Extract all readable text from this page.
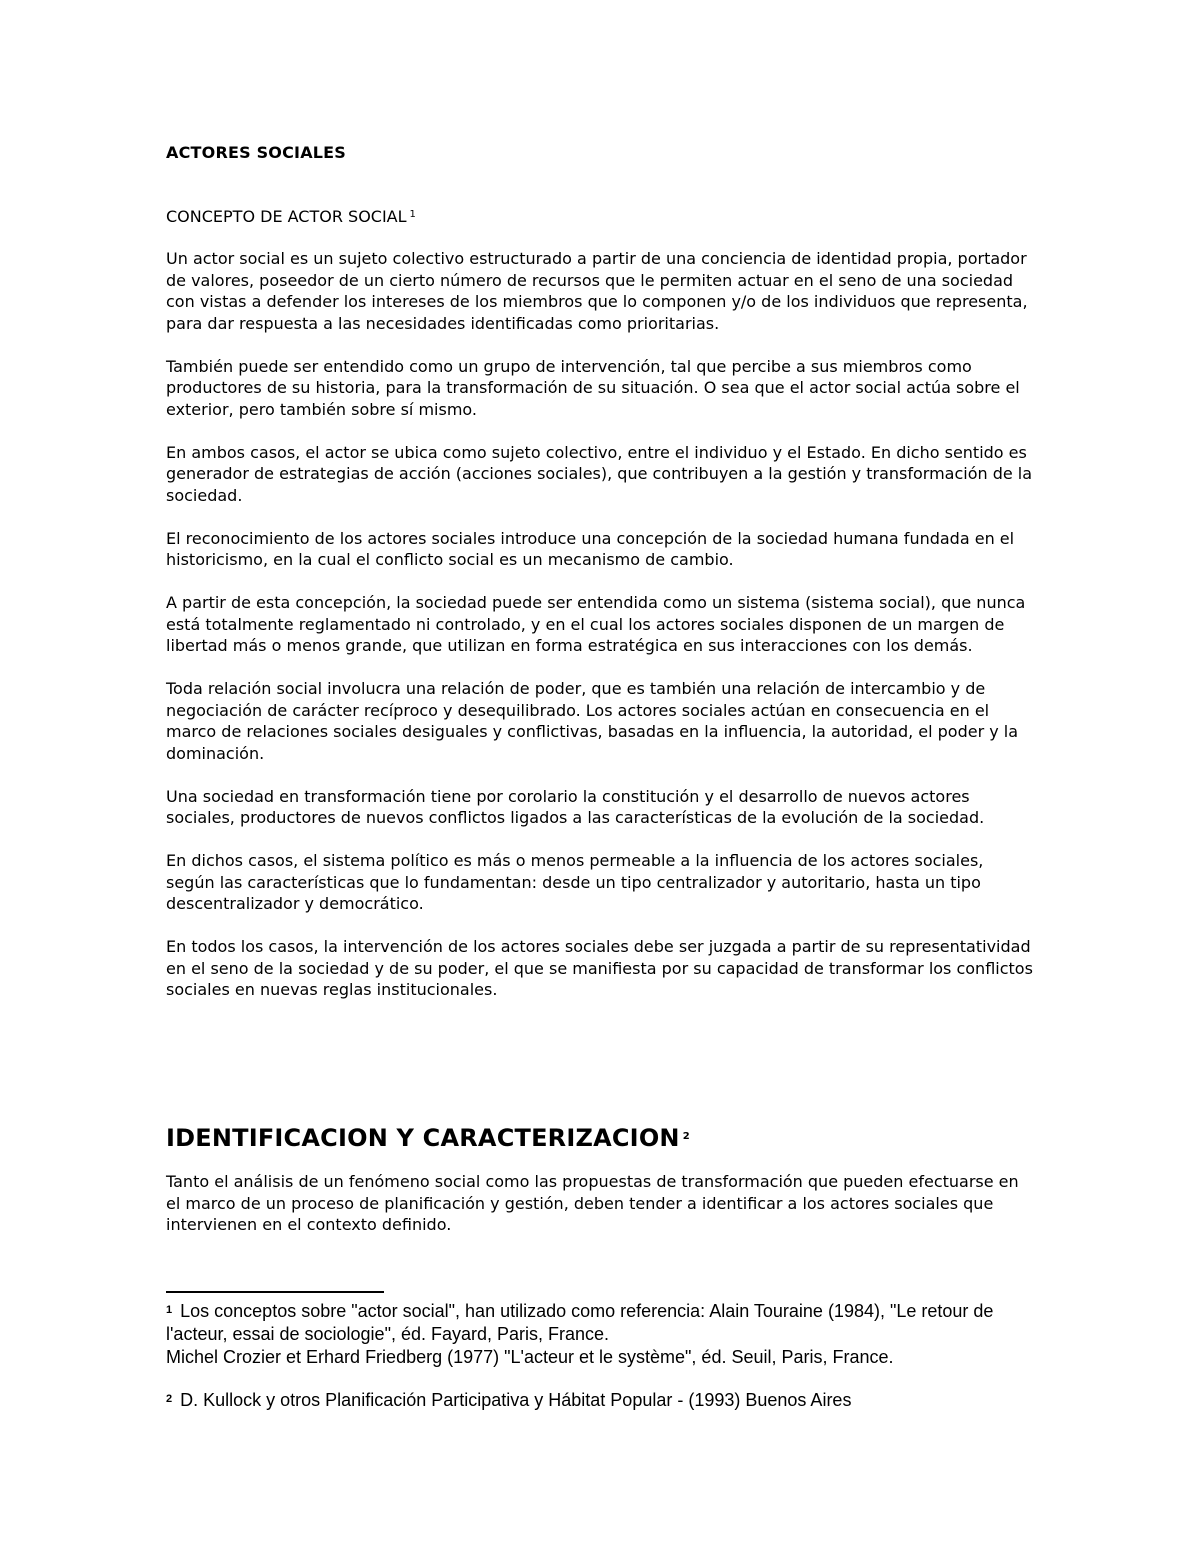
ACTORES SOCIALES

CONCEPTO DE ACTOR SOCIAL $^1$

Un actor social es un sujeto colectivo estructurado a partir de una conciencia de identidad propia, portador de valores, poseedor de un cierto número de recursos que le permiten actuar en el seno de una sociedad con vistas a defender los intereses de los miembros que lo componen y/o de los individuos que representa, para dar respuesta a las necesidades identificadas como prioritarias.

También puede ser entendido como un grupo de intervención, tal que percibe a sus miembros como productores de su historia, para la transformación de su situación. O sea que el actor social actúa sobre el exterior, pero también sobre sí mismo.

En ambos casos, el actor se ubica como sujeto colectivo, entre el individuo y el Estado. En dicho sentido es generador de estrategias de acción (acciones sociales), que contribuyen a la gestión y transformación de la sociedad.

El reconocimiento de los actores sociales introduce una concepción de la sociedad humana fundada en el historicismo, en la cual el conflicto social es un mecanismo de cambio.

A partir de esta concepción, la sociedad puede ser entendida como un sistema (sistema social), que nunca está totalmente reglamentado ni controlado, y en el cual los actores sociales disponen de un margen de libertad más o menos grande, que utilizan en forma estratégica en sus interacciones con los demás.

Toda relación social involucra una relación de poder, que es también una relación de intercambio y de negociación de carácter recíproco y desequilibrado. Los actores sociales actúan en consecuencia en el marco de relaciones sociales desiguales y conflictivas, basadas en la influencia, la autoridad, el poder y la dominación.

Una sociedad en transformación tiene por corolario la constitución y el desarrollo de nuevos actores sociales, productores de nuevos conflictos ligados a las características de la evolución de la sociedad.

En dichos casos, el sistema político es más o menos permeable a la influencia de los actores sociales, según las características que lo fundamentan: desde un tipo centralizador y autoritario, hasta un tipo descentralizador y democrático.

En todos los casos, la intervención de los actores sociales debe ser juzgada a partir de su representatividad en el seno de la sociedad y de su poder, el que se manifiesta por su capacidad de transformar los conflictos sociales en nuevas reglas institucionales.

IDENTIFICACION Y CARACTERIZACION $^2$

Tanto el análisis de un fenómeno social como las propuestas de transformación que pueden efectuarse en el marco de un proceso de planificación y gestión, deben tender a identificar a los actores sociales que intervienen en el contexto definido.

$^1$ Los conceptos sobre "actor social", han utilizado como referencia: Alain Touraine (1984), "Le retour de l'acteur, essai de sociologie", éd. Fayard, Paris, France.

Michel Crozier et Erhard Friedberg (1977) "L'acteur et le système", éd. Seuil, Paris, France.

$^2$ D. Kullock y otros Planificación Participativa y Hábitat Popular - (1993) Buenos Aires
